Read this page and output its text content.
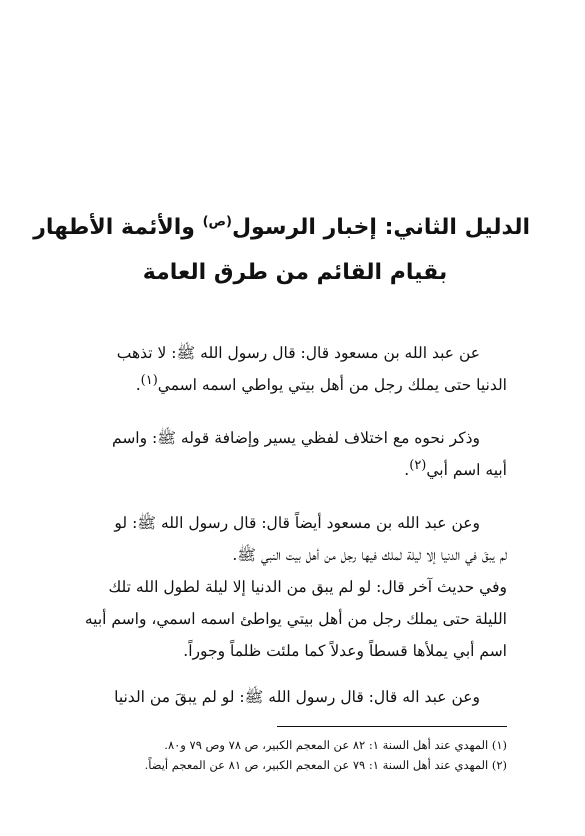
الدليل الثاني: إخبار الرسول$^{(ص)}$ والأئمة الأطهار
بقيام القائم من طرق العامة
عن عبد الله بن مسعود قال: قال رسول الله ﷺ: لا تذهب
الدنيا حتى يملك رجل من أهل بيتي يواطي اسمه اسمي$^{(١)}$.
وذكر نحوه مع اختلاف لفظي يسير وإضافة قوله ﷺ: واسم
أبيه اسم أبي$^{(٢)}$.
وعن عبد الله بن مسعود أيضاً قال: قال رسول الله ﷺ: لو
لم يبقَ في الدنيا إلا ليلة لملك فيها رجل من أهل بيت النبي ﷺ.
وفي حديث آخر قال: لو لم يبق من الدنيا إلا ليلة لطول الله تلك
الليلة حتى يملك رجل من أهل بيتي يواطئ اسمه اسمي، واسم أبيه
اسم أبي يملأها قسطاً وعدلاً كما ملئت ظلماً وجوراً.
وعن عبد اله قال: قال رسول الله ﷺ: لو لم يبقَ من الدنيا
(١) المهدي عند أهل السنة ١: ٨٢ عن المعجم الكبير، ص ٧٨ وص ٧٩ و٨٠.
(٢) المهدي عند أهل السنة ١: ٧٩ عن المعجم الكبير، ص ٨١ عن المعجم أيضاً.
